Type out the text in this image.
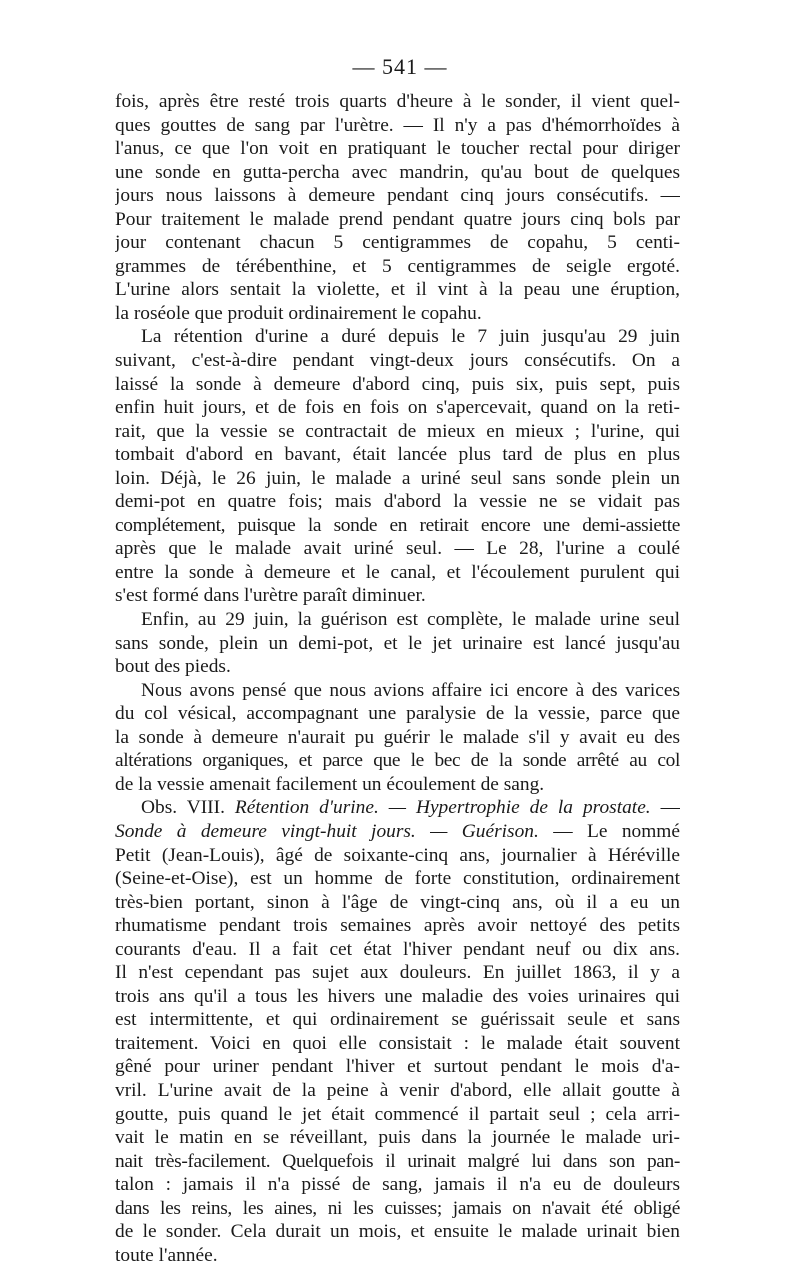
— 541 —
fois, après être resté trois quarts d'heure à le sonder, il vient quel-
ques gouttes de sang par l'urètre. — Il n'y a pas d'hémorrhoïdes à
l'anus, ce que l'on voit en pratiquant le toucher rectal pour diriger
une sonde en gutta-percha avec mandrin, qu'au bout de quelques
jours nous laissons à demeure pendant cinq jours consécutifs. —
Pour traitement le malade prend pendant quatre jours cinq bols par
jour contenant chacun 5 centigrammes de copahu, 5 centi-
grammes de térébenthine, et 5 centigrammes de seigle ergoté.
L'urine alors sentait la violette, et il vint à la peau une éruption,
la roséole que produit ordinairement le copahu.
La rétention d'urine a duré depuis le 7 juin jusqu'au 29 juin
suivant, c'est-à-dire pendant vingt-deux jours consécutifs. On a
laissé la sonde à demeure d'abord cinq, puis six, puis sept, puis
enfin huit jours, et de fois en fois on s'apercevait, quand on la reti-
rait, que la vessie se contractait de mieux en mieux ; l'urine, qui
tombait d'abord en bavant, était lancée plus tard de plus en plus
loin. Déjà, le 26 juin, le malade a uriné seul sans sonde plein un
demi-pot en quatre fois; mais d'abord la vessie ne se vidait pas
complétement, puisque la sonde en retirait encore une demi-assiette
après que le malade avait uriné seul. — Le 28, l'urine a coulé
entre la sonde à demeure et le canal, et l'écoulement purulent qui
s'est formé dans l'urètre paraît diminuer.
Enfin, au 29 juin, la guérison est complète, le malade urine seul
sans sonde, plein un demi-pot, et le jet urinaire est lancé jusqu'au
bout des pieds.
Nous avons pensé que nous avions affaire ici encore à des varices
du col vésical, accompagnant une paralysie de la vessie, parce que
la sonde à demeure n'aurait pu guérir le malade s'il y avait eu des
altérations organiques, et parce que le bec de la sonde arrêté au col
de la vessie amenait facilement un écoulement de sang.
Obs. VIII. Rétention d'urine. — Hypertrophie de la prostate. —
Sonde à demeure vingt-huit jours. — Guérison. — Le nommé
Petit (Jean-Louis), âgé de soixante-cinq ans, journalier à Héréville
(Seine-et-Oise), est un homme de forte constitution, ordinairement
très-bien portant, sinon à l'âge de vingt-cinq ans, où il a eu un
rhumatisme pendant trois semaines après avoir nettoyé des petits
courants d'eau. Il a fait cet état l'hiver pendant neuf ou dix ans.
Il n'est cependant pas sujet aux douleurs. En juillet 1863, il y a
trois ans qu'il a tous les hivers une maladie des voies urinaires qui
est intermittente, et qui ordinairement se guérissait seule et sans
traitement. Voici en quoi elle consistait : le malade était souvent
gêné pour uriner pendant l'hiver et surtout pendant le mois d'a-
vril. L'urine avait de la peine à venir d'abord, elle allait goutte à
goutte, puis quand le jet était commencé il partait seul ; cela arri-
vait le matin en se réveillant, puis dans la journée le malade uri-
nait très-facilement. Quelquefois il urinait malgré lui dans son pan-
talon : jamais il n'a pissé de sang, jamais il n'a eu de douleurs
dans les reins, les aines, ni les cuisses; jamais on n'avait été obligé
de le sonder. Cela durait un mois, et ensuite le malade urinait bien
toute l'année.
